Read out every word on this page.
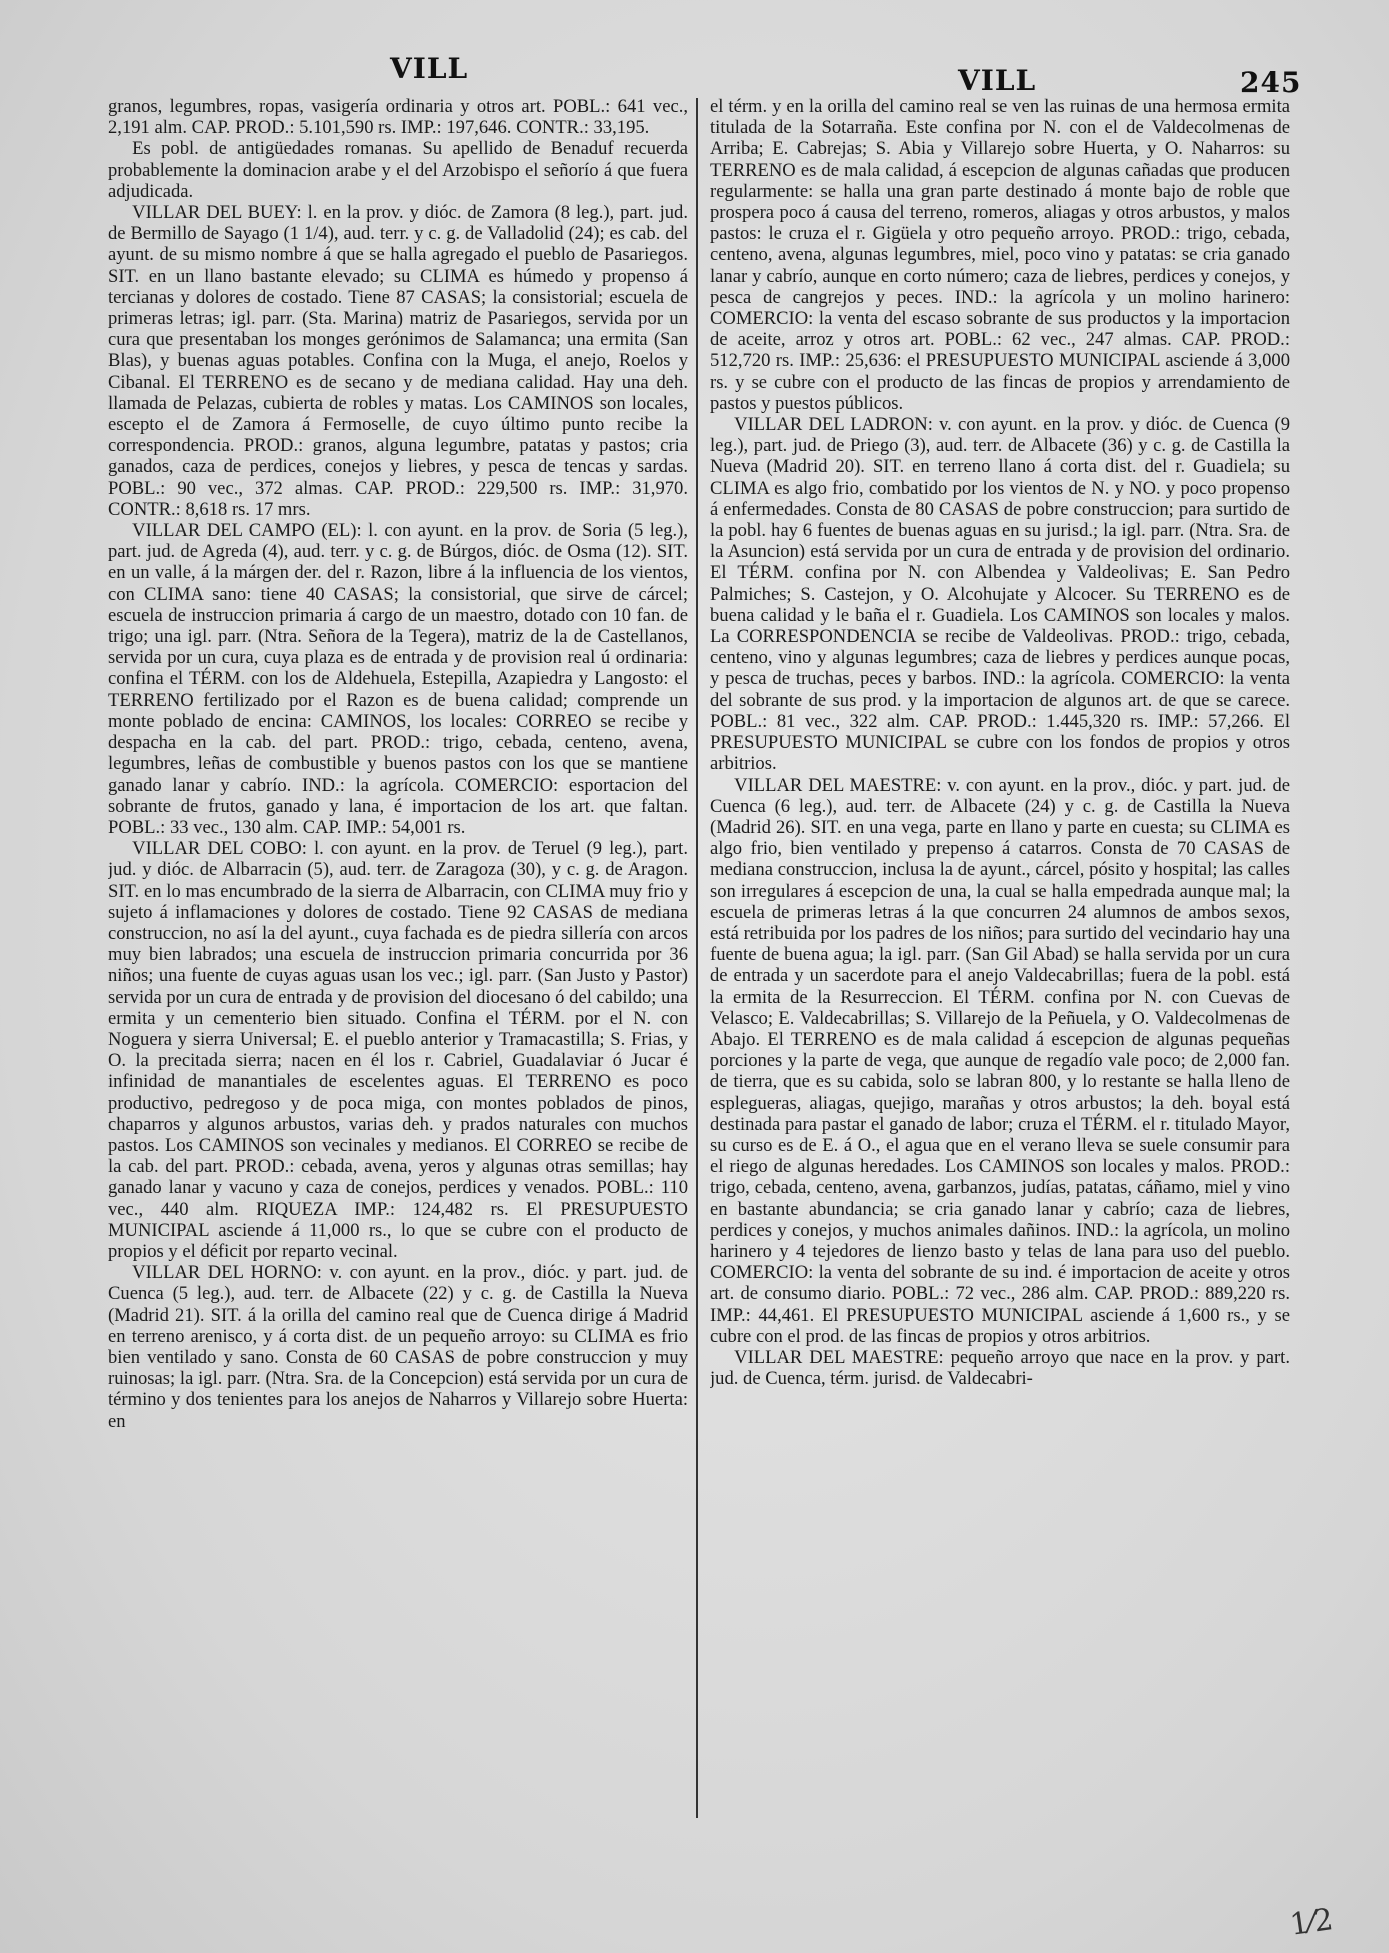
VILL	VILL	245

granos, legumbres, ropas, vasigería ordinaria y otros art. POBL.: 641 vec., 2,191 alm. CAP. PROD.: 5.101,590 rs. IMP.: 197,646. CONTR.: 33,195.

Es pobl. de antigüedades romanas. Su apellido de Benaduf recuerda probablemente la dominacion arabe y el del Arzobispo el señorío á que fuera adjudicada.

VILLAR DEL BUEY: l. en la prov. y dióc. de Zamora (8 leg.), part. jud. de Bermillo de Sayago (1 1/4), aud. terr. y c. g. de Valladolid (24); es cab. del ayunt. de su mismo nombre á que se halla agregado el pueblo de Pasariegos. SIT. en un llano bastante elevado; su CLIMA es húmedo y propenso á tercianas y dolores de costado. Tiene 87 CASAS; la consistorial; escuela de primeras letras; igl. parr. (Sta. Marina) matriz de Pasariegos, servida por un cura que presentaban los monges gerónimos de Salamanca; una ermita (San Blas), y buenas aguas potables. Confina con la Muga, el anejo, Roelos y Cibanal. El TERRENO es de secano y de mediana calidad. Hay una deh. llamada de Pelazas, cubierta de robles y matas. Los CAMINOS son locales, escepto el de Zamora á Fermoselle, de cuyo último punto recibe la correspondencia. PROD.: granos, alguna legumbre, patatas y pastos; cria ganados, caza de perdices, conejos y liebres, y pesca de tencas y sardas. POBL.: 90 vec., 372 almas. CAP. PROD.: 229,500 rs. IMP.: 31,970. CONTR.: 8,618 rs. 17 mrs.

VILLAR DEL CAMPO (EL): l. con ayunt. en la prov. de Soria (5 leg.), part. jud. de Agreda (4), aud. terr. y c. g. de Búrgos, dióc. de Osma (12). SIT. en un valle, á la márgen der. del r. Razon, libre á la influencia de los vientos, con CLIMA sano: tiene 40 CASAS; la consistorial, que sirve de cárcel; escuela de instruccion primaria á cargo de un maestro, dotado con 10 fan. de trigo; una igl. parr. (Ntra. Señora de la Tegera), matriz de la de Castellanos, servida por un cura, cuya plaza es de entrada y de provision real ú ordinaria: confina el TÉRM. con los de Aldehuela, Estepilla, Azapiedra y Langosto: el TERRENO fertilizado por el Razon es de buena calidad; comprende un monte poblado de encina: CAMINOS, los locales: CORREO se recibe y despacha en la cab. del part. PROD.: trigo, cebada, centeno, avena, legumbres, leñas de combustible y buenos pastos con los que se mantiene ganado lanar y cabrío. IND.: la agrícola. COMERCIO: esportacion del sobrante de frutos, ganado y lana, é importacion de los art. que faltan. POBL.: 33 vec., 130 alm. CAP. IMP.: 54,001 rs.

VILLAR DEL COBO: l. con ayunt. en la prov. de Teruel (9 leg.), part. jud. y dióc. de Albarracin (5), aud. terr. de Zaragoza (30), y c. g. de Aragon. SIT. en lo mas encumbrado de la sierra de Albarracin, con CLIMA muy frio y sujeto á inflamaciones y dolores de costado. Tiene 92 CASAS de mediana construccion, no así la del ayunt., cuya fachada es de piedra sillería con arcos muy bien labrados; una escuela de instruccion primaria concurrida por 36 niños; una fuente de cuyas aguas usan los vec.; igl. parr. (San Justo y Pastor) servida por un cura de entrada y de provision del diocesano ó del cabildo; una ermita y un cementerio bien situado. Confina el TÉRM. por el N. con Noguera y sierra Universal; E. el pueblo anterior y Tramacastilla; S. Frias, y O. la precitada sierra; nacen en él los r. Cabriel, Guadalaviar ó Jucar é infinidad de manantiales de escelentes aguas. El TERRENO es poco productivo, pedregoso y de poca miga, con montes poblados de pinos, chaparros y algunos arbustos, varias deh. y prados naturales con muchos pastos. Los CAMINOS son vecinales y medianos. El CORREO se recibe de la cab. del part. PROD.: cebada, avena, yeros y algunas otras semillas; hay ganado lanar y vacuno y caza de conejos, perdices y venados. POBL.: 110 vec., 440 alm. RIQUEZA IMP.: 124,482 rs. El PRESUPUESTO MUNICIPAL asciende á 11,000 rs., lo que se cubre con el producto de propios y el déficit por reparto vecinal.

VILLAR DEL HORNO: v. con ayunt. en la prov., dióc. y part. jud. de Cuenca (5 leg.), aud. terr. de Albacete (22) y c. g. de Castilla la Nueva (Madrid 21). SIT. á la orilla del camino real que de Cuenca dirige á Madrid en terreno arenisco, y á corta dist. de un pequeño arroyo: su CLIMA es frio bien ventilado y sano. Consta de 60 CASAS de pobre construccion y muy ruinosas; la igl. parr. (Ntra. Sra. de la Concepcion) está servida por un cura de término y dos tenientes para los anejos de Naharros y Villarejo sobre Huerta: en

el térm. y en la orilla del camino real se ven las ruinas de una hermosa ermita titulada de la Sotarraña. Este confina por N. con el de Valdecolmenas de Arriba; E. Cabrejas; S. Abia y Villarejo sobre Huerta, y O. Naharros: su TERRENO es de mala calidad, á escepcion de algunas cañadas que producen regularmente: se halla una gran parte destinado á monte bajo de roble que prospera poco á causa del terreno, romeros, aliagas y otros arbustos, y malos pastos: le cruza el r. Gigüela y otro pequeño arroyo. PROD.: trigo, cebada, centeno, avena, algunas legumbres, miel, poco vino y patatas: se cria ganado lanar y cabrío, aunque en corto número; caza de liebres, perdices y conejos, y pesca de cangrejos y peces. IND.: la agrícola y un molino harinero: COMERCIO: la venta del escaso sobrante de sus productos y la importacion de aceite, arroz y otros art. POBL.: 62 vec., 247 almas. CAP. PROD.: 512,720 rs. IMP.: 25,636: el PRESUPUESTO MUNICIPAL asciende á 3,000 rs. y se cubre con el producto de las fincas de propios y arrendamiento de pastos y puestos públicos.

VILLAR DEL LADRON: v. con ayunt. en la prov. y dióc. de Cuenca (9 leg.), part. jud. de Priego (3), aud. terr. de Albacete (36) y c. g. de Castilla la Nueva (Madrid 20). SIT. en terreno llano á corta dist. del r. Guadiela; su CLIMA es algo frio, combatido por los vientos de N. y NO. y poco propenso á enfermedades. Consta de 80 CASAS de pobre construccion; para surtido de la pobl. hay 6 fuentes de buenas aguas en su jurisd.; la igl. parr. (Ntra. Sra. de la Asuncion) está servida por un cura de entrada y de provision del ordinario. El TÉRM. confina por N. con Albendea y Valdeolivas; E. San Pedro Palmiches; S. Castejon, y O. Alcohujate y Alcocer. Su TERRENO es de buena calidad y le baña el r. Guadiela. Los CAMINOS son locales y malos. La CORRESPONDENCIA se recibe de Valdeolivas. PROD.: trigo, cebada, centeno, vino y algunas legumbres; caza de liebres y perdices aunque pocas, y pesca de truchas, peces y barbos. IND.: la agrícola. COMERCIO: la venta del sobrante de sus prod. y la importacion de algunos art. de que se carece. POBL.: 81 vec., 322 alm. CAP. PROD.: 1.445,320 rs. IMP.: 57,266. El PRESUPUESTO MUNICIPAL se cubre con los fondos de propios y otros arbitrios.

VILLAR DEL MAESTRE: v. con ayunt. en la prov., dióc. y part. jud. de Cuenca (6 leg.), aud. terr. de Albacete (24) y c. g. de Castilla la Nueva (Madrid 26). SIT. en una vega, parte en llano y parte en cuesta; su CLIMA es algo frio, bien ventilado y prepenso á catarros. Consta de 70 CASAS de mediana construccion, inclusa la de ayunt., cárcel, pósito y hospital; las calles son irregulares á escepcion de una, la cual se halla empedrada aunque mal; la escuela de primeras letras á la que concurren 24 alumnos de ambos sexos, está retribuida por los padres de los niños; para surtido del vecindario hay una fuente de buena agua; la igl. parr. (San Gil Abad) se halla servida por un cura de entrada y un sacerdote para el anejo Valdecabrillas; fuera de la pobl. está la ermita de la Resurreccion. El TÉRM. confina por N. con Cuevas de Velasco; E. Valdecabrillas; S. Villarejo de la Peñuela, y O. Valdecolmenas de Abajo. El TERRENO es de mala calidad á escepcion de algunas pequeñas porciones y la parte de vega, que aunque de regadío vale poco; de 2,000 fan. de tierra, que es su cabida, solo se labran 800, y lo restante se halla lleno de esplegueras, aliagas, quejigo, marañas y otros arbustos; la deh. boyal está destinada para pastar el ganado de labor; cruza el TÉRM. el r. titulado Mayor, su curso es de E. á O., el agua que en el verano lleva se suele consumir para el riego de algunas heredades. Los CAMINOS son locales y malos. PROD.: trigo, cebada, centeno, avena, garbanzos, judías, patatas, cáñamo, miel y vino en bastante abundancia; se cria ganado lanar y cabrío; caza de liebres, perdices y conejos, y muchos animales dañinos. IND.: la agrícola, un molino harinero y 4 tejedores de lienzo basto y telas de lana para uso del pueblo. COMERCIO: la venta del sobrante de su ind. é importacion de aceite y otros art. de consumo diario. POBL.: 72 vec., 286 alm. CAP. PROD.: 889,220 rs. IMP.: 44,461. El PRESUPUESTO MUNICIPAL asciende á 1,600 rs., y se cubre con el prod. de las fincas de propios y otros arbitrios.

VILLAR DEL MAESTRE: pequeño arroyo que nace en la prov. y part. jud. de Cuenca, térm. jurisd. de Valdecabri-

1⁄2
